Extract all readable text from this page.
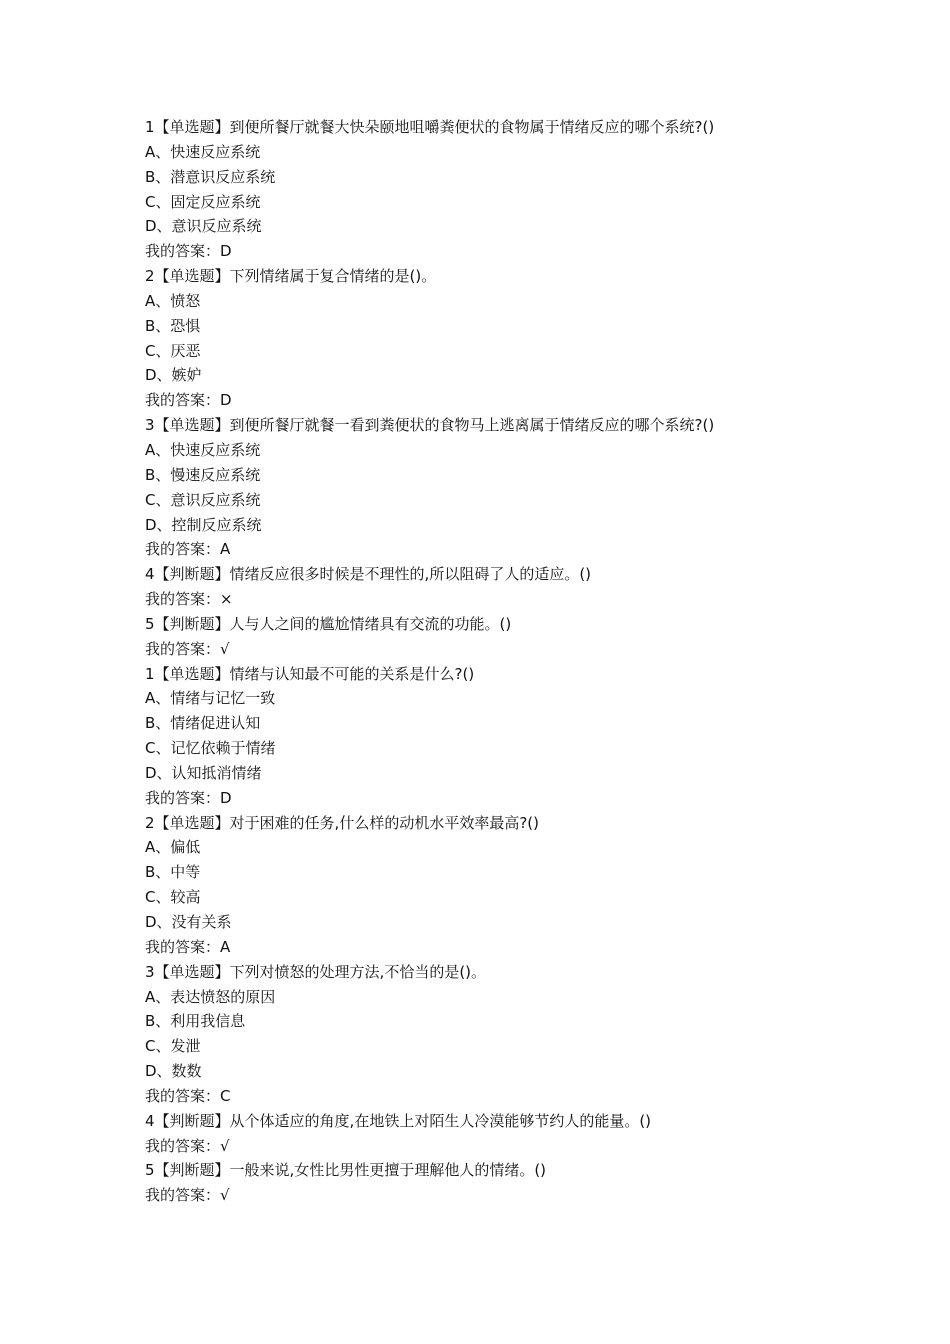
1【单选题】到便所餐厅就餐大快朵颐地咀嚼粪便状的食物属于情绪反应的哪个系统?()
A、快速反应系统
B、潜意识反应系统
C、固定反应系统
D、意识反应系统
我的答案：D
2【单选题】下列情绪属于复合情绪的是()。
A、愤怒
B、恐惧
C、厌恶
D、嫉妒
我的答案：D
3【单选题】到便所餐厅就餐一看到粪便状的食物马上逃离属于情绪反应的哪个系统?()
A、快速反应系统
B、慢速反应系统
C、意识反应系统
D、控制反应系统
我的答案：A
4【判断题】情绪反应很多时候是不理性的,所以阻碍了人的适应。()
我的答案：×
5【判断题】人与人之间的尴尬情绪具有交流的功能。()
我的答案：√
1【单选题】情绪与认知最不可能的关系是什么?()
A、情绪与记忆一致
B、情绪促进认知
C、记忆依赖于情绪
D、认知抵消情绪
我的答案：D
2【单选题】对于困难的任务,什么样的动机水平效率最高?()
A、偏低
B、中等
C、较高
D、没有关系
我的答案：A
3【单选题】下列对愤怒的处理方法,不恰当的是()。
A、表达愤怒的原因
B、利用我信息
C、发泄
D、数数
我的答案：C
4【判断题】从个体适应的角度,在地铁上对陌生人冷漠能够节约人的能量。()
我的答案：√
5【判断题】一般来说,女性比男性更擅于理解他人的情绪。()
我的答案：√
